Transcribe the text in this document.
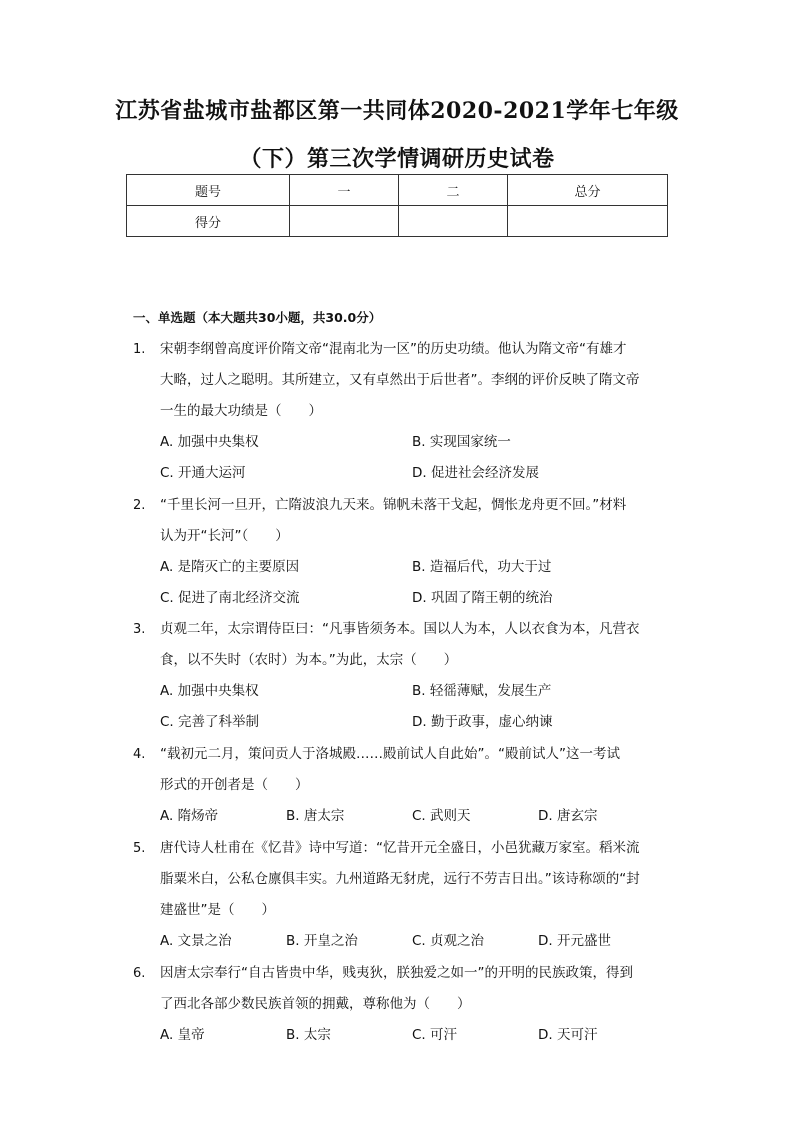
江苏省盐城市盐都区第一共同体2020-2021学年七年级
（下）第三次学情调研历史试卷
题号	一	二	总分
得分			
一、单选题（本大题共30小题，共30.0分）
1. 宋朝李纲曾高度评价隋文帝“混南北为一区”的历史功绩。他认为隋文帝“有雄才
大略，过人之聪明。其所建立，又有卓然出于后世者”。李纲的评价反映了隋文帝
一生的最大功绩是（　　）
A. 加强中央集权	B. 实现国家统一
C. 开通大运河	D. 促进社会经济发展
2. “千里长河一旦开，亡隋波浪九天来。锦帆未落干戈起，惆怅龙舟更不回。”材料
认为开“长河”（　　）
A. 是隋灭亡的主要原因	B. 造福后代，功大于过
C. 促进了南北经济交流	D. 巩固了隋王朝的统治
3. 贞观二年，太宗谓侍臣曰：“凡事皆须务本。国以人为本，人以衣食为本，凡营衣
食，以不失时（农时）为本。”为此，太宗（　　）
A. 加强中央集权	B. 轻徭薄赋，发展生产
C. 完善了科举制	D. 勤于政事，虚心纳谏
4. “载初元二月，策问贡人于洛城殿……殿前试人自此始”。“殿前试人”这一考试
形式的开创者是（　　）
A. 隋炀帝	B. 唐太宗	C. 武则天	D. 唐玄宗
5. 唐代诗人杜甫在《忆昔》诗中写道：“忆昔开元全盛日，小邑犹藏万家室。稻米流
脂粟米白，公私仓廪俱丰实。九州道路无豺虎，远行不劳吉日出。”该诗称颂的“封
建盛世”是（　　）
A. 文景之治	B. 开皇之治	C. 贞观之治	D. 开元盛世
6. 因唐太宗奉行“自古皆贵中华，贱夷狄，朕独爱之如一”的开明的民族政策，得到
了西北各部少数民族首领的拥戴，尊称他为（　　）
A. 皇帝	B. 太宗	C. 可汗	D. 天可汗
